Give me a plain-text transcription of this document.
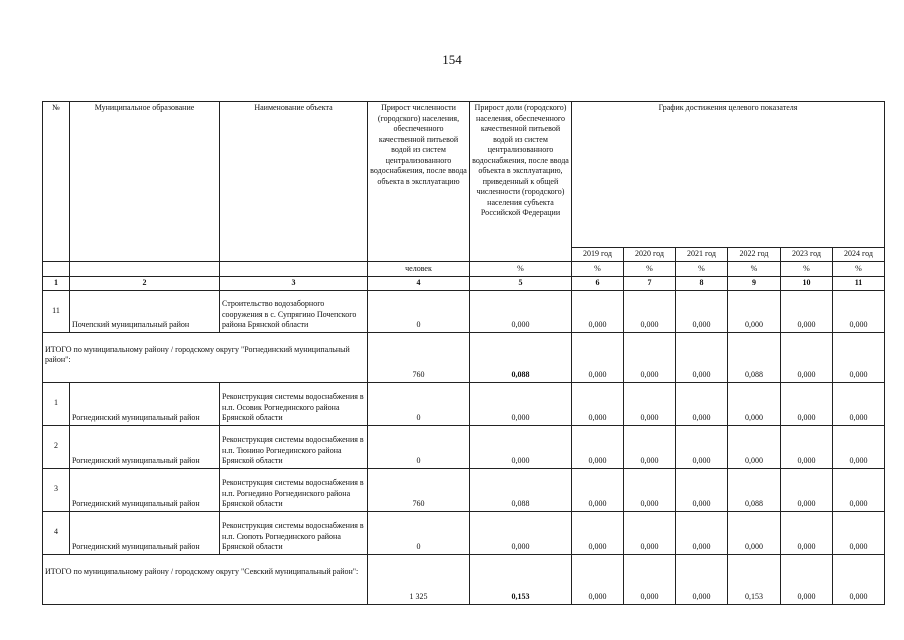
154
№	Муниципальное образование	Наименование объекта	Прирост численности (городского) населения, обеспеченного качественной питьевой водой из систем централизованного водоснабжения, после ввода объекта в эксплуатацию	Прирост доли (городского) населения, обеспеченного качественной питьевой водой из систем централизованного водоснабжения, после ввода объекта в эксплуатацию, приведенный к общей численности (городского) населения субъекта Российской Федерации	График достижения целевого показателя					
					2019 год	2020 год	2021 год	2022 год	2023 год	2024 год
			человек	%	%	%	%	%	%	%
1	2	3	4	5	6	7	8	9	10	11
11	Почепский муниципальный район	Строительство водозаборного сооружения в с. Супрягино Почепского района Брянской области	0	0,000	0,000	0,000	0,000	0,000	0,000	0,000
ИТОГО по муниципальному району / городскому округу "Рогнединский муниципальный район":			760	0,088	0,000	0,000	0,000	0,088	0,000	0,000
1	Рогнединский муниципальный район	Реконструкция системы водоснабжения в н.п. Осовик Рогнединского района Брянской области	0	0,000	0,000	0,000	0,000	0,000	0,000	0,000
2	Рогнединский муниципальный район	Реконструкция системы водоснабжения в н.п. Тюнино Рогнединского района Брянской области	0	0,000	0,000	0,000	0,000	0,000	0,000	0,000
3	Рогнединский муниципальный район	Реконструкция системы водоснабжения в н.п. Рогнедино Рогнединского района Брянской области	760	0,088	0,000	0,000	0,000	0,088	0,000	0,000
4	Рогнединский муниципальный район	Реконструкция системы водоснабжения в н.п. Сюпоть Рогнединского района Брянской области	0	0,000	0,000	0,000	0,000	0,000	0,000	0,000
ИТОГО по муниципальному району / городскому округу "Севский муниципальный район":			1 325	0,153	0,000	0,000	0,000	0,153	0,000	0,000
